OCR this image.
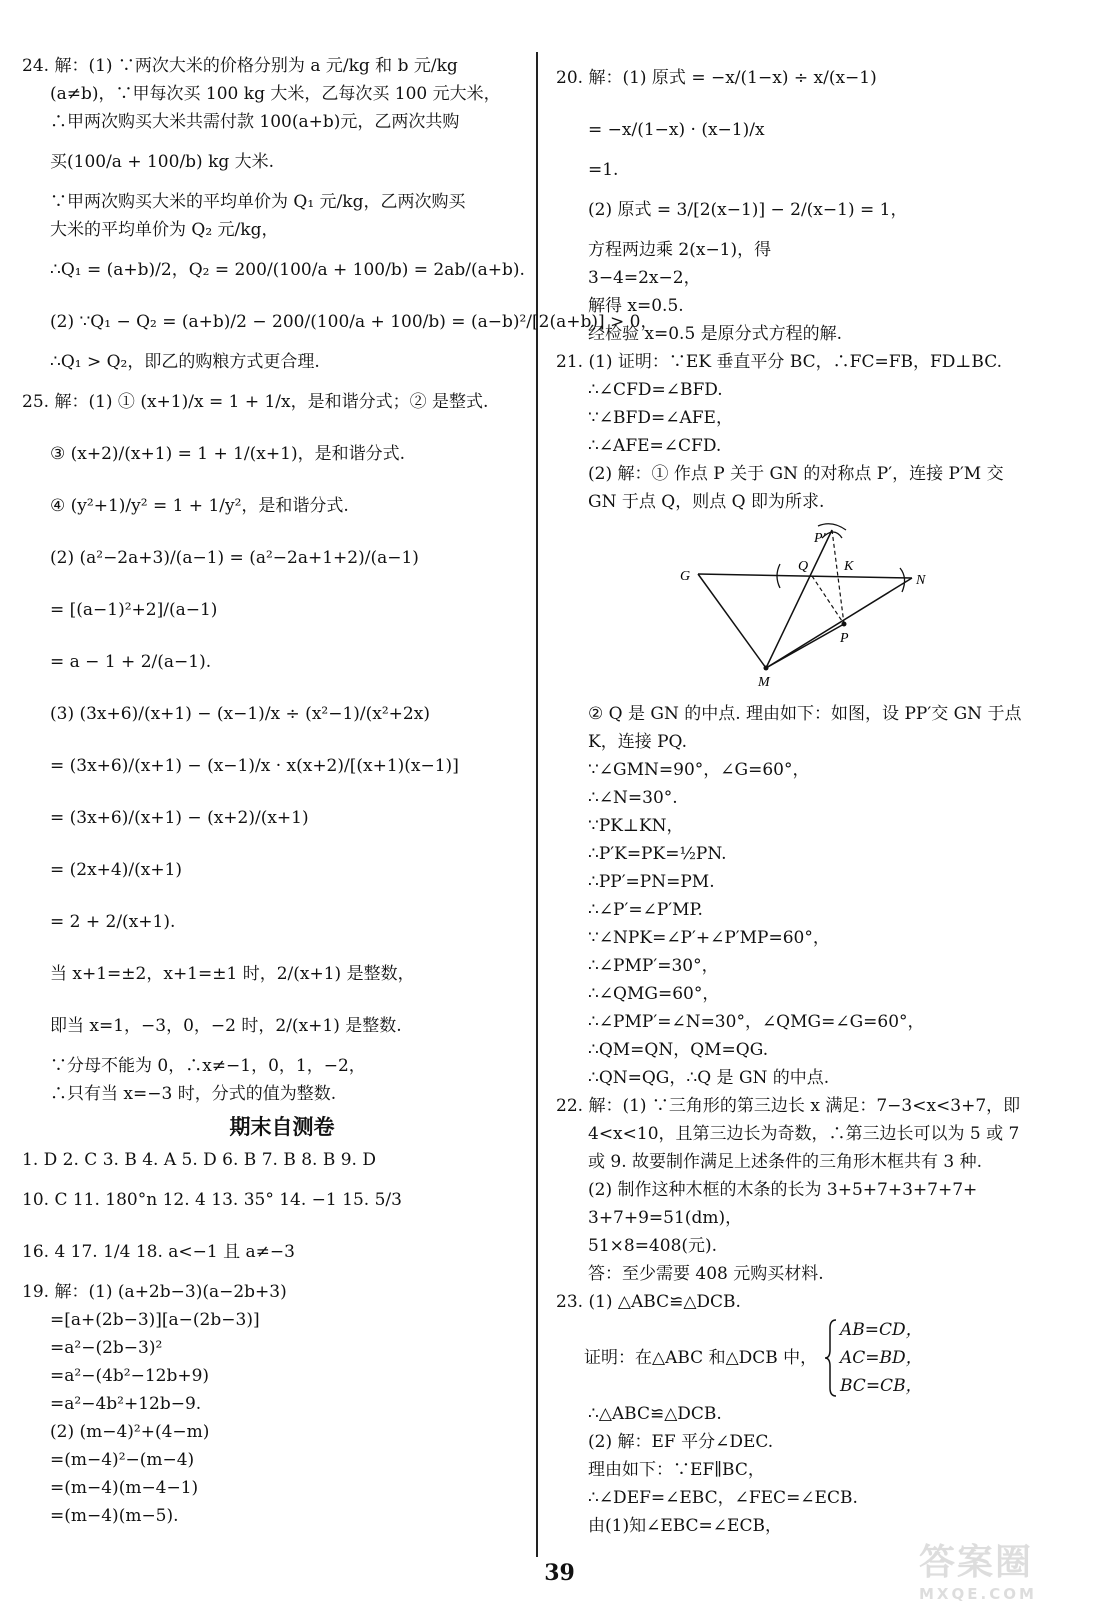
24. 解：(1) ∵两次大米的价格分别为 a 元/kg 和 b 元/kg
(a≠b)，∵甲每次买 100 kg 大米，乙每次买 100 元大米，
∴甲两次购买大米共需付款 100(a+b)元，乙两次共购
买(100/a + 100/b) kg 大米.
∵甲两次购买大米的平均单价为 Q₁ 元/kg，乙两次购买
大米的平均单价为 Q₂ 元/kg，
∴Q₁ = (a+b)/2，Q₂ = 200/(100/a + 100/b) = 2ab/(a+b).
(2) ∵Q₁ − Q₂ = (a+b)/2 − 200/(100/a + 100/b) = (a−b)²/[2(a+b)] > 0，
∴Q₁ > Q₂，即乙的购粮方式更合理.
25. 解：(1) ① (x+1)/x = 1 + 1/x，是和谐分式；② 是整式.
③ (x+2)/(x+1) = 1 + 1/(x+1)，是和谐分式.
④ (y²+1)/y² = 1 + 1/y²，是和谐分式.
(2) (a²−2a+3)/(a−1) = (a²−2a+1+2)/(a−1)
= [(a−1)²+2]/(a−1)
= a − 1 + 2/(a−1).
(3) (3x+6)/(x+1) − (x−1)/x ÷ (x²−1)/(x²+2x)
= (3x+6)/(x+1) − (x−1)/x · x(x+2)/[(x+1)(x−1)]
= (3x+6)/(x+1) − (x+2)/(x+1)
= (2x+4)/(x+1)
= 2 + 2/(x+1).
当 x+1=±2，x+1=±1 时，2/(x+1) 是整数，
即当 x=1，−3，0，−2 时，2/(x+1) 是整数.
∵分母不能为 0，∴x≠−1，0，1，−2，
∴只有当 x=−3 时，分式的值为整数.
期末自测卷
1. D 2. C 3. B 4. A 5. D 6. B 7. B 8. B 9. D
10. C 11. 180°n 12. 4 13. 35° 14. −1 15. 5/3
16. 4 17. 1/4 18. a<−1 且 a≠−3
19. 解：(1) (a+2b−3)(a−2b+3)
=[a+(2b−3)][a−(2b−3)]
=a²−(2b−3)²
=a²−(4b²−12b+9)
=a²−4b²+12b−9.
(2) (m−4)²+(4−m)
=(m−4)²−(m−4)
=(m−4)(m−4−1)
=(m−4)(m−5).
20. 解：(1) 原式 = −x/(1−x) ÷ x/(x−1)
= −x/(1−x) · (x−1)/x
=1.
(2) 原式 = 3/[2(x−1)] − 2/(x−1) = 1，
方程两边乘 2(x−1)，得
3−4=2x−2，
解得 x=0.5.
经检验 x=0.5 是原分式方程的解.
21. (1) 证明：∵EK 垂直平分 BC，∴FC=FB，FD⊥BC.
∴∠CFD=∠BFD.
∵∠BFD=∠AFE，
∴∠AFE=∠CFD.
(2) 解：① 作点 P 关于 GN 的对称点 P′，连接 P′M 交
GN 于点 Q，则点 Q 即为所求.
P′
G
Q	K
N
P
M
② Q 是 GN 的中点. 理由如下：如图，设 PP′交 GN 于点
K，连接 PQ.
∵∠GMN=90°，∠G=60°，
∴∠N=30°.
∵PK⊥KN，
∴P′K=PK=½PN.
∴PP′=PN=PM.
∴∠P′=∠P′MP.
∵∠NPK=∠P′+∠P′MP=60°，
∴∠PMP′=30°，
∴∠QMG=60°，
∴∠PMP′=∠N=30°，∠QMG=∠G=60°，
∴QM=QN，QM=QG.
∴QN=QG，∴Q 是 GN 的中点.
22. 解：(1) ∵三角形的第三边长 x 满足：7−3<x<3+7，即
4<x<10，且第三边长为奇数，∴第三边长可以为 5 或 7
或 9. 故要制作满足上述条件的三角形木框共有 3 种.
(2) 制作这种木框的木条的长为 3+5+7+3+7+7+
3+7+9=51(dm)，
51×8=408(元).
答：至少需要 408 元购买材料.
23. (1) △ABC≌△DCB.
证明：在△ABC 和△DCB 中，
AB=CD，
AC=BD，
BC=CB，
∴△ABC≌△DCB.
(2) 解：EF 平分∠DEC.
理由如下：∵EF∥BC，
∴∠DEF=∠EBC，∠FEC=∠ECB.
由(1)知∠EBC=∠ECB，
39	答案圈
MXQE.COM
